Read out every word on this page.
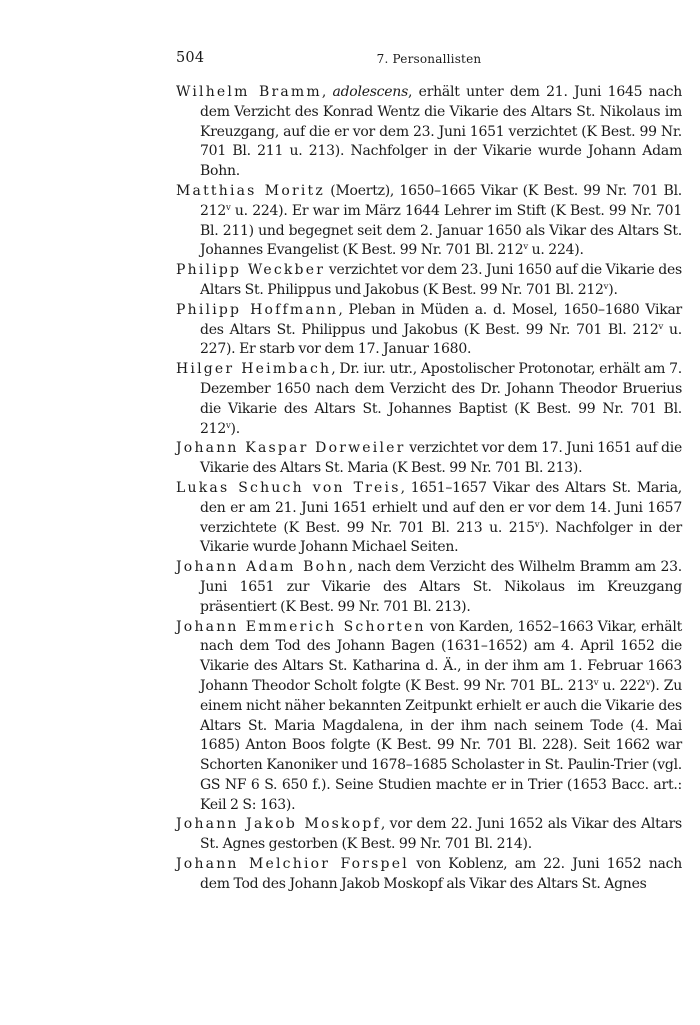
504	7. Personallisten

Wilhelm Bramm, adolescens, erhält unter dem 21. Juni 1645 nach dem Verzicht des Konrad Wentz die Vikarie des Altars St. Nikolaus im Kreuzgang, auf die er vor dem 23. Juni 1651 verzichtet (K Best. 99 Nr. 701 Bl. 211 u. 213). Nachfolger in der Vikarie wurde Johann Adam Bohn.

Matthias Moritz (Moertz), 1650–1665 Vikar (K Best. 99 Nr. 701 Bl. 212$^v$ u. 224). Er war im März 1644 Lehrer im Stift (K Best. 99 Nr. 701 Bl. 211) und begegnet seit dem 2. Januar 1650 als Vikar des Altars St. Johannes Evangelist (K Best. 99 Nr. 701 Bl. 212$^v$ u. 224).

Philipp Weckber verzichtet vor dem 23. Juni 1650 auf die Vikarie des Altars St. Philippus und Jakobus (K Best. 99 Nr. 701 Bl. 212$^v$).

Philipp Hoffmann, Pleban in Müden a. d. Mosel, 1650–1680 Vikar des Altars St. Philippus und Jakobus (K Best. 99 Nr. 701 Bl. 212$^v$ u. 227). Er starb vor dem 17. Januar 1680.

Hilger Heimbach, Dr. iur. utr., Apostolischer Protonotar, erhält am 7. Dezember 1650 nach dem Verzicht des Dr. Johann Theodor Bruerius die Vikarie des Altars St. Johannes Baptist (K Best. 99 Nr. 701 Bl. 212$^v$).

Johann Kaspar Dorweiler verzichtet vor dem 17. Juni 1651 auf die Vikarie des Altars St. Maria (K Best. 99 Nr. 701 Bl. 213).

Lukas Schuch von Treis, 1651–1657 Vikar des Altars St. Maria, den er am 21. Juni 1651 erhielt und auf den er vor dem 14. Juni 1657 verzichtete (K Best. 99 Nr. 701 Bl. 213 u. 215$^v$). Nachfolger in der Vikarie wurde Johann Michael Seiten.

Johann Adam Bohn, nach dem Verzicht des Wilhelm Bramm am 23. Juni 1651 zur Vikarie des Altars St. Nikolaus im Kreuzgang präsentiert (K Best. 99 Nr. 701 Bl. 213).

Johann Emmerich Schorten von Karden, 1652–1663 Vikar, erhält nach dem Tod des Johann Bagen (1631–1652) am 4. April 1652 die Vikarie des Altars St. Katharina d. Ä., in der ihm am 1. Februar 1663 Johann Theodor Scholt folgte (K Best. 99 Nr. 701 BL. 213$^v$ u. 222$^v$). Zu einem nicht näher bekannten Zeitpunkt erhielt er auch die Vikarie des Altars St. Maria Magdalena, in der ihm nach seinem Tode (4. Mai 1685) Anton Boos folgte (K Best. 99 Nr. 701 Bl. 228). Seit 1662 war Schorten Kanoniker und 1678–1685 Scholaster in St. Paulin-Trier (vgl. GS NF 6 S. 650 f.). Seine Studien machte er in Trier (1653 Bacc. art.: Keil 2 S: 163).

Johann Jakob Moskopf, vor dem 22. Juni 1652 als Vikar des Altars St. Agnes gestorben (K Best. 99 Nr. 701 Bl. 214).

Johann Melchior Forspel von Koblenz, am 22. Juni 1652 nach dem Tod des Johann Jakob Moskopf als Vikar des Altars St. Agnes
